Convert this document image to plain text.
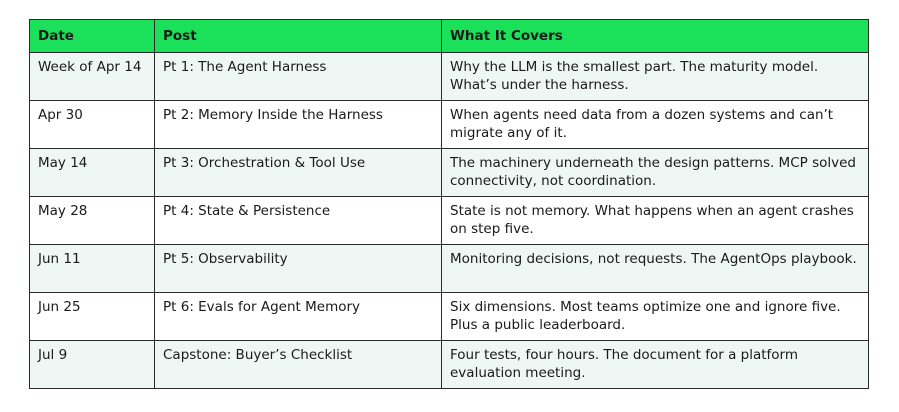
Date	Post	What It Covers
Week of Apr 14	Pt 1: The Agent Harness	Why the LLM is the smallest part. The maturity model. What’s under the harness.
Apr 30	Pt 2: Memory Inside the Harness	When agents need data from a dozen systems and can’t migrate any of it.
May 14	Pt 3: Orchestration & Tool Use	The machinery underneath the design patterns. MCP solved connectivity, not coordination.
May 28	Pt 4: State & Persistence	State is not memory. What happens when an agent crashes on step five.
Jun 11	Pt 5: Observability	Monitoring decisions, not requests. The AgentOps playbook.
Jun 25	Pt 6: Evals for Agent Memory	Six dimensions. Most teams optimize one and ignore five. Plus a public leaderboard.
Jul 9	Capstone: Buyer’s Checklist	Four tests, four hours. The document for a platform evaluation meeting.
